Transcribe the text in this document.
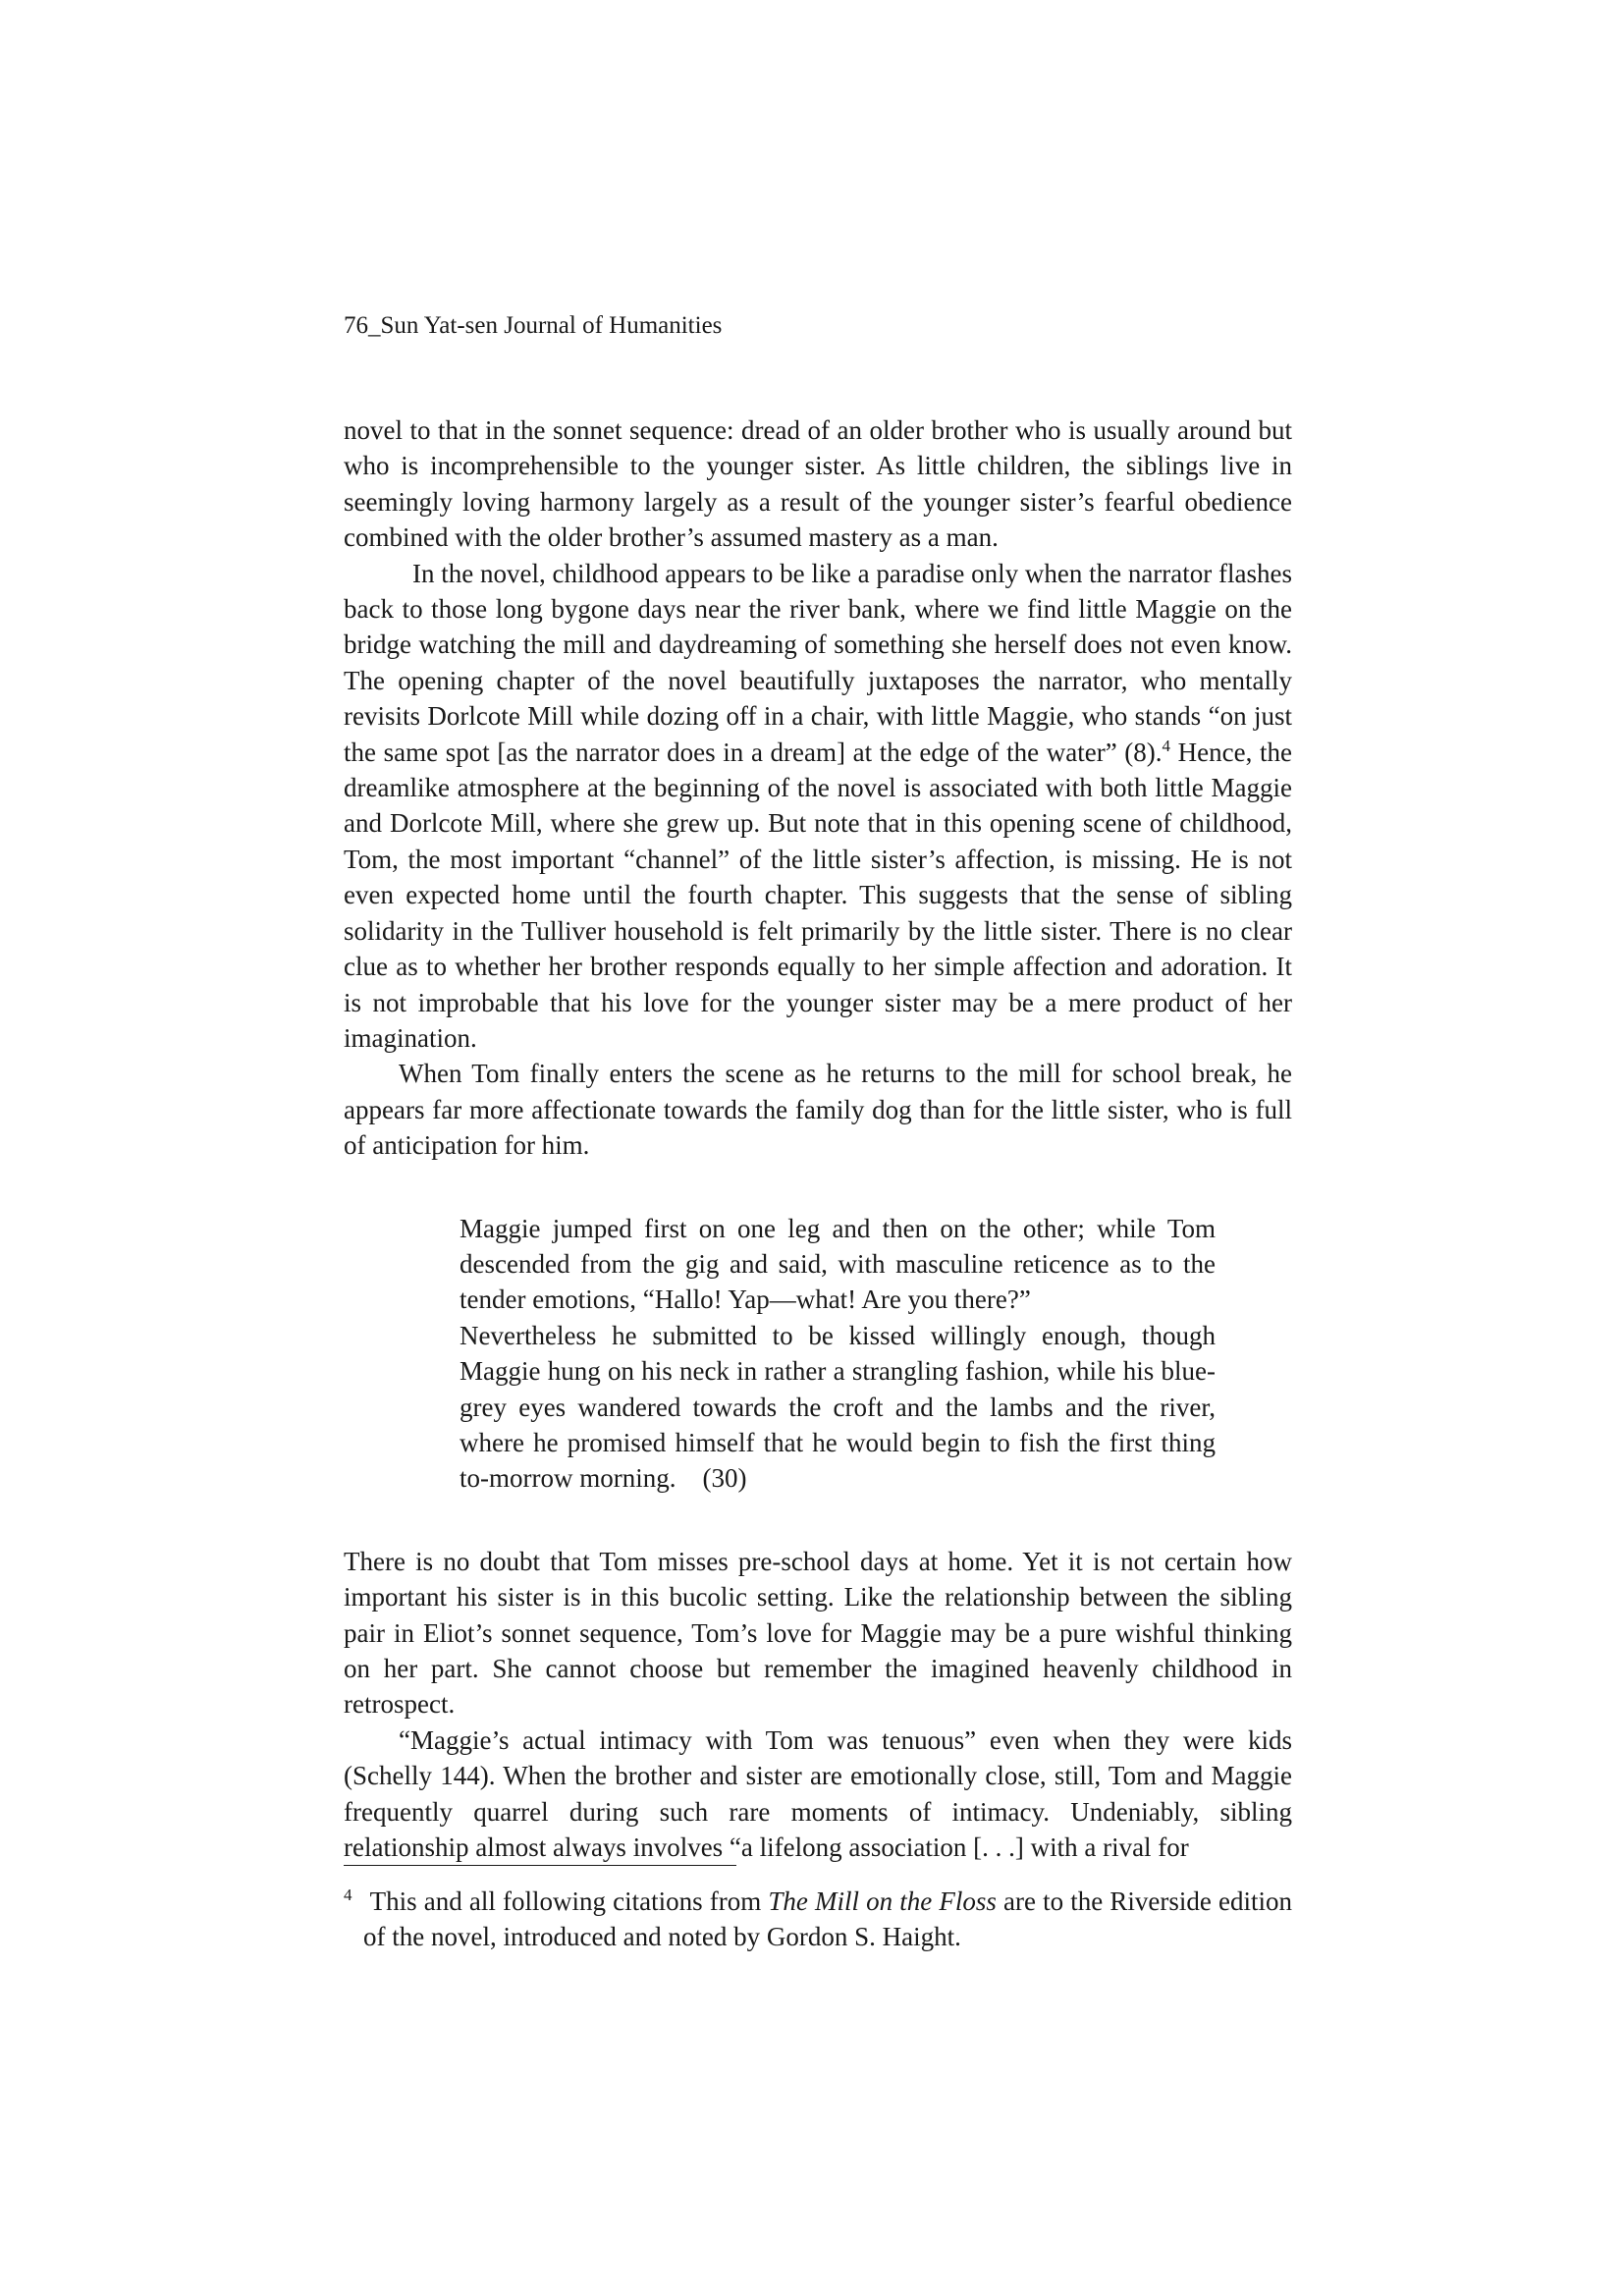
76_Sun Yat-sen Journal of Humanities

novel to that in the sonnet sequence: dread of an older brother who is usually around but who is incomprehensible to the younger sister. As little children, the siblings live in seemingly loving harmony largely as a result of the younger sister’s fearful obedience combined with the older brother’s assumed mastery as a man.

In the novel, childhood appears to be like a paradise only when the narrator flashes back to those long bygone days near the river bank, where we find little Maggie on the bridge watching the mill and daydreaming of something she herself does not even know. The opening chapter of the novel beautifully juxtaposes the narrator, who mentally revisits Dorlcote Mill while dozing off in a chair, with little Maggie, who stands “on just the same spot [as the narrator does in a dream] at the edge of the water” (8).$^4$ Hence, the dreamlike atmosphere at the beginning of the novel is associated with both little Maggie and Dorlcote Mill, where she grew up. But note that in this opening scene of childhood, Tom, the most important “channel” of the little sister’s affection, is missing. He is not even expected home until the fourth chapter. This suggests that the sense of sibling solidarity in the Tulliver household is felt primarily by the little sister. There is no clear clue as to whether her brother responds equally to her simple affection and adoration. It is not improbable that his love for the younger sister may be a mere product of her imagination.

When Tom finally enters the scene as he returns to the mill for school break, he appears far more affectionate towards the family dog than for the little sister, who is full of anticipation for him.

Maggie jumped first on one leg and then on the other; while Tom descended from the gig and said, with masculine reticence as to the tender emotions, “Hallo! Yap—what! Are you there?”

Nevertheless he submitted to be kissed willingly enough, though Maggie hung on his neck in rather a strangling fashion, while his blue-grey eyes wandered towards the croft and the lambs and the river, where he promised himself that he would begin to fish the first thing to-morrow morning. (30)

There is no doubt that Tom misses pre-school days at home. Yet it is not certain how important his sister is in this bucolic setting. Like the relationship between the sibling pair in Eliot’s sonnet sequence, Tom’s love for Maggie may be a pure wishful thinking on her part. She cannot choose but remember the imagined heavenly childhood in retrospect.

“Maggie’s actual intimacy with Tom was tenuous” even when they were kids (Schelly 144). When the brother and sister are emotionally close, still, Tom and Maggie frequently quarrel during such rare moments of intimacy. Undeniably, sibling relationship almost always involves “a lifelong association [. . .] with a rival for

$^4$ This and all following citations from The Mill on the Floss are to the Riverside edition of the novel, introduced and noted by Gordon S. Haight.
